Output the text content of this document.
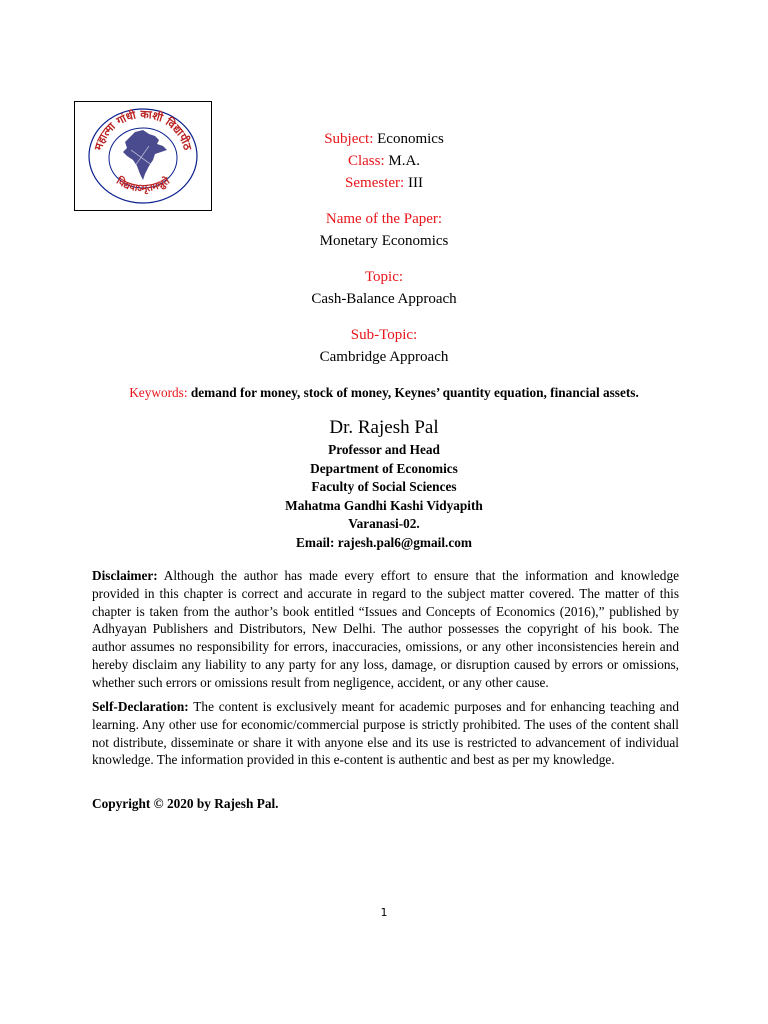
महात्मा गांधी काशी विद्यापीठ
विद्ययाऽमृतमश्नुते
Subject: Economics
Class: M.A.
Semester: III
Name of the Paper:
Monetary Economics
Topic:
Cash-Balance Approach
Sub-Topic:
Cambridge Approach
Keywords: demand for money, stock of money, Keynes’ quantity equation, financial assets.
Dr. Rajesh Pal
Professor and Head
Department of Economics
Faculty of Social Sciences
Mahatma Gandhi Kashi Vidyapith
Varanasi-02.
Email: rajesh.pal6@gmail.com
Disclaimer: Although the author has made every effort to ensure that the information and knowledge provided in this chapter is correct and accurate in regard to the subject matter covered. The matter of this chapter is taken from the author’s book entitled “Issues and Concepts of Economics (2016),” published by Adhyayan Publishers and Distributors, New Delhi. The author possesses the copyright of his book. The author assumes no responsibility for errors, inaccuracies, omissions, or any other inconsistencies herein and hereby disclaim any liability to any party for any loss, damage, or disruption caused by errors or omissions, whether such errors or omissions result from negligence, accident, or any other cause.
Self-Declaration: The content is exclusively meant for academic purposes and for enhancing teaching and learning. Any other use for economic/commercial purpose is strictly prohibited. The uses of the content shall not distribute, disseminate or share it with anyone else and its use is restricted to advancement of individual knowledge. The information provided in this e-content is authentic and best as per my knowledge.
Copyright © 2020 by Rajesh Pal.
1
